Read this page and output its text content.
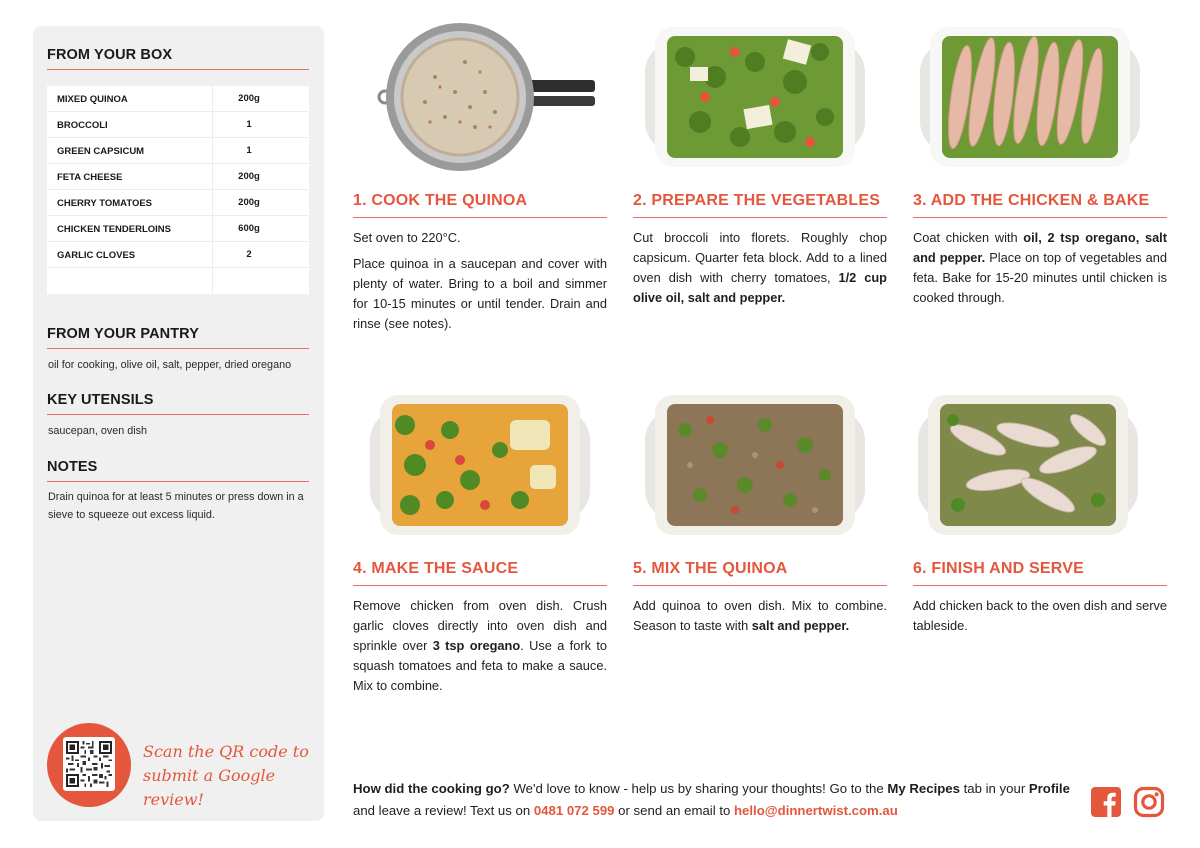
FROM YOUR BOX
MIXED QUINOA	200g
BROCCOLI	1
GREEN CAPSICUM	1
FETA CHEESE	200g
CHERRY TOMATOES	200g
CHICKEN TENDERLOINS	600g
GARLIC CLOVES	2
FROM YOUR PANTRY
oil for cooking, olive oil, salt, pepper, dried oregano
KEY UTENSILS
saucepan, oven dish
NOTES
Drain quinoa for at least 5 minutes or press down in a sieve to squeeze out excess liquid.
Scan the QR code to
submit a Google review!
1. COOK THE QUINOA	2. PREPARE THE VEGETABLES	3. ADD THE CHICKEN & BAKE
4. MAKE THE SAUCE	5. MIX THE QUINOA	6. FINISH AND SERVE

Set oven to 220°C.

Place quinoa in a saucepan and cover with plenty of water. Bring to a boil and simmer for 10-15 minutes or until tender. Drain and rinse (see notes).

Cut broccoli into florets. Roughly chop capsicum. Quarter feta block. Add to a lined oven dish with cherry tomatoes, 1/2 cup olive oil, salt and pepper.

Coat chicken with oil, 2 tsp oregano, salt and pepper. Place on top of vegetables and feta. Bake for 15-20 minutes until chicken is cooked through.

Remove chicken from oven dish. Crush garlic cloves directly into oven dish and sprinkle over 3 tsp oregano. Use a fork to squash tomatoes and feta to make a sauce. Mix to combine.

Add quinoa to oven dish. Mix to combine. Season to taste with salt and pepper.

Add chicken back to the oven dish and serve tableside.

How did the cooking go? We'd love to know - help us by sharing your thoughts! Go to the My Recipes tab in your Profile and leave a review! Text us on 0481 072 599 or send an email to hello@dinnertwist.com.au
